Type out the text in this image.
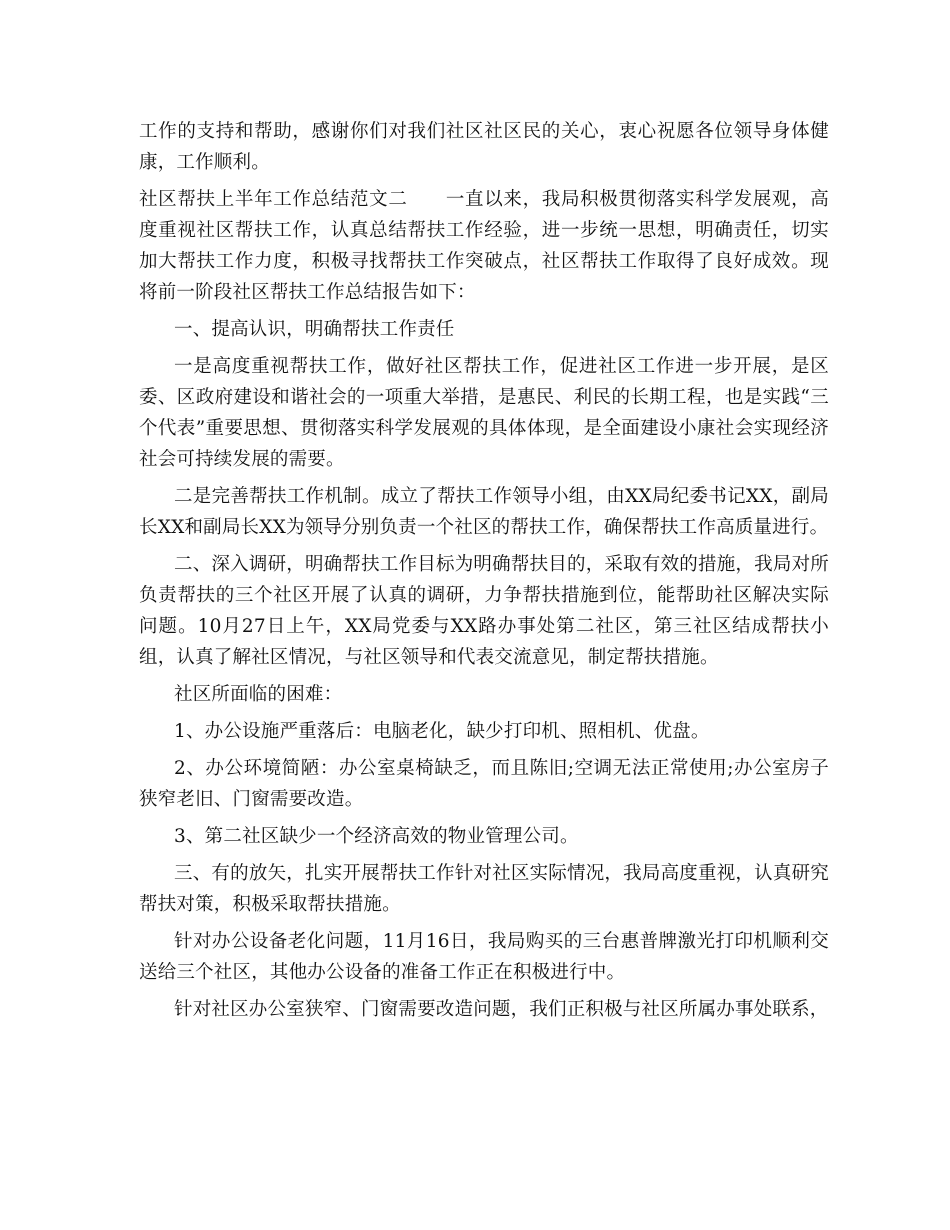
工作的支持和帮助，感谢你们对我们社区社区民的关心，衷心祝愿各位领导身体健康，工作顺利。

社区帮扶上半年工作总结范文二　　一直以来，我局积极贯彻落实科学发展观，高度重视社区帮扶工作，认真总结帮扶工作经验，进一步统一思想，明确责任，切实加大帮扶工作力度，积极寻找帮扶工作突破点，社区帮扶工作取得了良好成效。现将前一阶段社区帮扶工作总结报告如下：

一、提高认识，明确帮扶工作责任

一是高度重视帮扶工作，做好社区帮扶工作，促进社区工作进一步开展，是区委、区政府建设和谐社会的一项重大举措，是惠民、利民的长期工程，也是实践“三个代表”重要思想、贯彻落实科学发展观的具体体现，是全面建设小康社会实现经济社会可持续发展的需要。

二是完善帮扶工作机制。成立了帮扶工作领导小组，由XX局纪委书记XX，副局长XX和副局长XX为领导分别负责一个社区的帮扶工作，确保帮扶工作高质量进行。

二、深入调研，明确帮扶工作目标为明确帮扶目的，采取有效的措施，我局对所负责帮扶的三个社区开展了认真的调研，力争帮扶措施到位，能帮助社区解决实际问题。10月27日上午，XX局党委与XX路办事处第二社区，第三社区结成帮扶小组，认真了解社区情况，与社区领导和代表交流意见，制定帮扶措施。

社区所面临的困难：

1、办公设施严重落后：电脑老化，缺少打印机、照相机、优盘。

2、办公环境简陋：办公室桌椅缺乏，而且陈旧;空调无法正常使用;办公室房子狭窄老旧、门窗需要改造。

3、第二社区缺少一个经济高效的物业管理公司。

三、有的放矢，扎实开展帮扶工作针对社区实际情况，我局高度重视，认真研究帮扶对策，积极采取帮扶措施。

针对办公设备老化问题，11月16日，我局购买的三台惠普牌激光打印机顺利交送给三个社区，其他办公设备的准备工作正在积极进行中。

针对社区办公室狭窄、门窗需要改造问题，我们正积极与社区所属办事处联系，
